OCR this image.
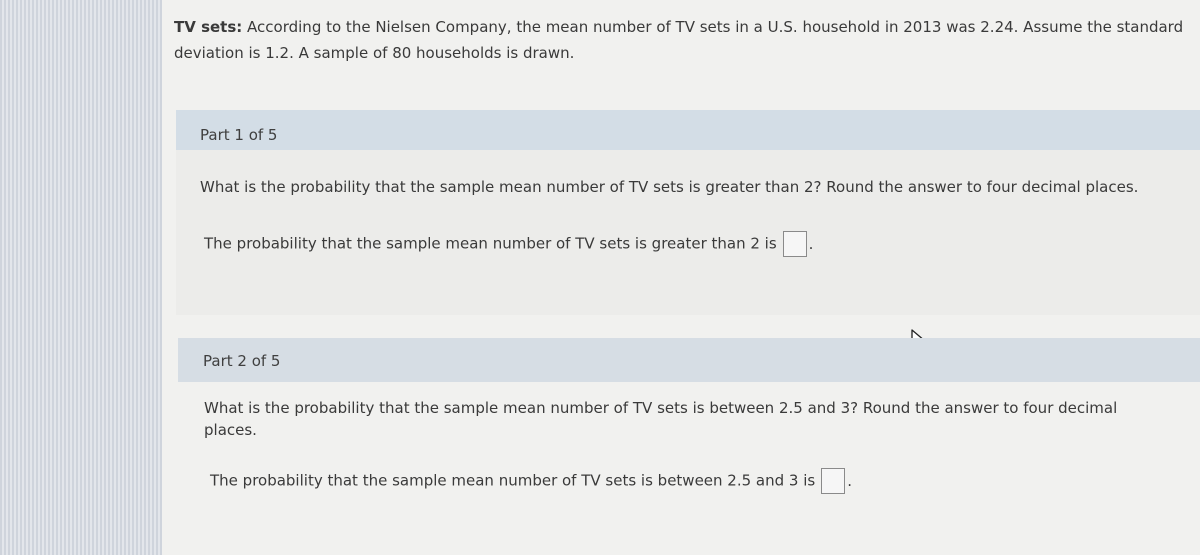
TV sets: According to the Nielsen Company, the mean number of TV sets in a U.S. household in 2013 was 2.24. Assume the standard deviation is 1.2. A sample of 80 households is drawn.
Part 1 of 5
What is the probability that the sample mean number of TV sets is greater than 2? Round the answer to four decimal places.
The probability that the sample mean number of TV sets is greater than 2 is .
Part 2 of 5
What is the probability that the sample mean number of TV sets is between 2.5 and 3? Round the answer to four decimal places.
The probability that the sample mean number of TV sets is between 2.5 and 3 is .
